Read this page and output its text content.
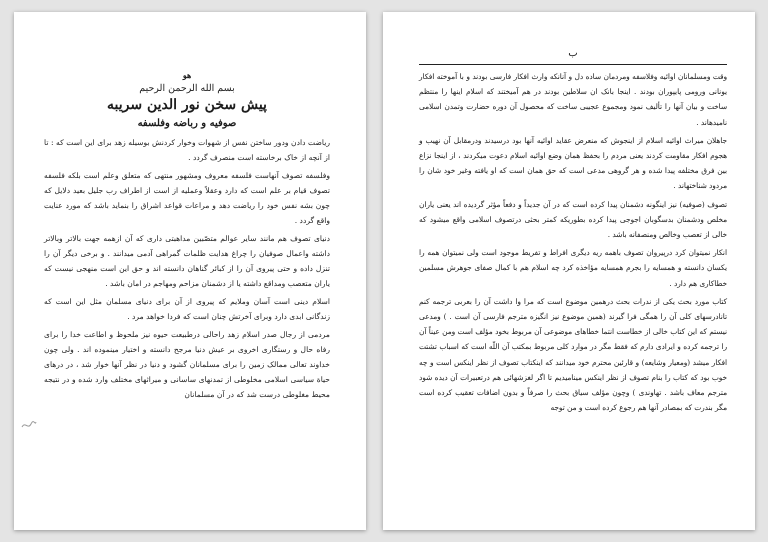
هو
بسم الله الرحمن الرحیم
پیش سخن نور الدین سریبه
صوفیه و رباضه وفلسفه

ریاضت دادن ودور ساختن نفس از شهوات وخوار کردنش بوسیله زهد برای این است که : تا از آنچه از خاک برخاسته است منصرف گردد .

وفلسفه تصوف آنهاست فلسفه معروف ومشهور منتهی که متعلق وعلم است بلکه فلسفه تصوف قیام بر علم است که دارد وعقلاً وعملیه از است از اطراف رب جلیل بعید دلایل که چون بشه نفس خود را ریاضت دهد و مراعات قواعد اشراق را بنماید باشد که مورد عنایت واقع گردد .

دنیای تصوف هم مانند سایر عوالم متصّبین مداهبتی داری که آن ازهمه جهت بالاتر وبالاتر داشته واعمال صوفیان را چراغ هدایت ظلمات گمراهی آدمی میدانند . و برخی دیگر آن را تنزل داده و حتی پیروی آن را از کبائر گناهان دانسته اند و حق این است منهجی نیست که یاران متعصب ومداقع داشته یا از دشمنان مزاحم ومهاجم در امان باشد .

اسلام دینی است آسان وملایم که پیروی از آن برای دنیای مسلمان مثل این است که زندگانی ابدی دارد وبرای آخرتش چنان است که فردا خواهد مرد .

مردمی از رجال صدر اسلام زهد راحالی درطبیعت حیوه نیز ملحوظ و اطاعت خدا را برای رفاه حال و رستگاری اخروی بر عیش دنیا مرجح دانسته و اختیار مینموده اند . ولی چون خداوند تعالی ممالک زمین را برای مسلمانان گشود و دنیا در نظر آنها خوار شد ، در درهای حیاة سیاسی اسلامی مخلوطی از تمدنهای ساسانی و میراثهای مختلف وارد شده و در نتیجه محیط مغلوطی درست شد که در آن مسلمانان

ب

وقت ومسلمانان اوائیه وفلاسفه ومردمان ساده دل و آنانکه وارث افکار فارسی بودند و با آموخته افکار یونانی ورومی پایپوران بودند . اینجا بانک ان سلاطین بودند در هم آمیختند که اسلام اینها را منتظم ساخت و بیان آنها را تألیف نمود ومجموع عجیبی ساخت که محصول آن دوره حضارت وتمدن اسلامی نامیدهاند .

جاهلان میراث اوائیه اسلام از اینجوش که منعرض عقاید اوائیه آنها بود درسیدند ودرمقابل آن نهیب و هجوم افکار مقاومت کردند یعنی مردم را بحفظ همان وضع اوائیه اسلام دعوت میکردند ، از اینجا نزاع بین فرق مختلفه پیدا شده و هر گروهی مدعی است که حق همان است که او یافته وغیر خود شان را مردود شناختهاند .

تصوف (صوفیه) نیز اینگونه دشمنان پیدا کرده است که در آن جدیداً و دفعاً مؤثر گردیده اند یعنی یاران مخلص ودشمنان بدسگوبان اجوجی پیدا کرده بطوریکه کمتر بحثی درتصوف اسلامی واقع میشود که خالی از تعصب وخالص ومنصفانه باشد .

انکار نمیتوان کرد درپیروان تصوف باهمه ریه دیگری افراط و تفریط موجود است ولی نمیتوان همه را یکسان دانسته و همسایه را بجرم همسایه مؤاخذه کرد چه اسلام هم با کمال صفای جوهرش مسلمین خطاکاری هم دارد .

کتاب مورد بحث یکی از ندرات بحث درهمین موضوع است که مرا وا داشت آن را بعربی ترجمه کنم تانادرسهای کلی آن را همگی فرا گیرند (همین موضوع نیز انگیزه مترجم فارسی آن است . ) ومدعی نیستم که این کتاب خالی از خطاست انتما خطاهای موضوعی آن مربوط بخود مؤلف است ومن عیناً آن را ترجمه کرده و ایرادی دارم که فقط مگر در موارد کلی مربوط بمکتب آن اللّه است که اسباب تشتت افکار میشد (ومعیار وشایعه) و قارئین محترم خود میدانند که اینکتاب تصوف از نظر اینکس است و چه خوب بود که کتاب را بنام تصوف از نظر اینکس مینامیدیم تا اگر لغزشهائی هم درتعبیرات آن دیده شود مترجم معاف باشد . تهاوندی ) وچون مؤلف سیاق بحث را صرفاً و بدون اضافات تعقیب کرده است مگر بندرت که بمصادر آنها هم رجوع کرده است و من توجه
